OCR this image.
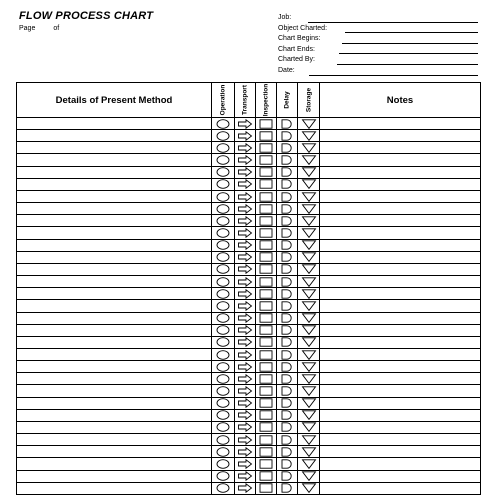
FLOW PROCESS CHART
Page	of
Job:
Object Charted:
Chart Begins:
Chart Ends:
Charted By:
Date:
Details of Present Method	Operation	Transport	Inspection	Delay	Storage	Notes
